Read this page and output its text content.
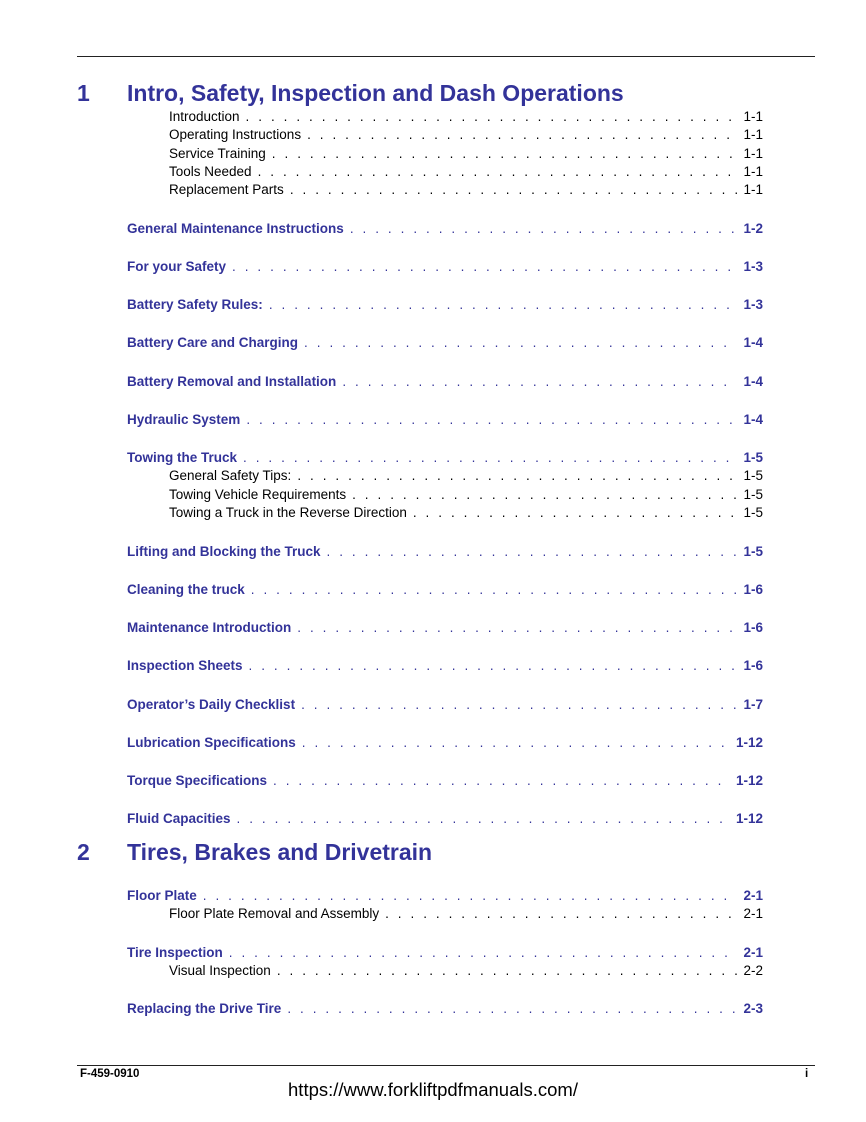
1 Intro, Safety, Inspection and Dash Operations
Introduction . . .	1-1
Operating Instructions . . .	1-1
Service Training . . .	1-1
Tools Needed . . .	1-1
Replacement Parts . . .	1-1
General Maintenance Instructions . . .	1-2
For your Safety . . .	1-3
Battery Safety Rules: . . .	1-3
Battery Care and Charging . . .	1-4
Battery Removal and Installation . . .	1-4
Hydraulic System . . .	1-4
Towing the Truck . . .	1-5
General Safety Tips: . . .	1-5
Towing Vehicle Requirements . . .	1-5
Towing a Truck in the Reverse Direction . . .	1-5
Lifting and Blocking the Truck . . .	1-5
Cleaning the truck . . .	1-6
Maintenance Introduction . . .	1-6
Inspection Sheets . . .	1-6
Operator’s Daily Checklist . . .	1-7
Lubrication Specifications . . .	1-12
Torque Specifications . . .	1-12
Fluid Capacities . . .	1-12
2 Tires, Brakes and Drivetrain
Floor Plate . . .	2-1
Floor Plate Removal and Assembly . . .	2-1
Tire Inspection . . .	2-1
Visual Inspection . . .	2-2
Replacing the Drive Tire . . .	2-3
F-459-0910	i
https://www.forkliftpdfmanuals.com/
